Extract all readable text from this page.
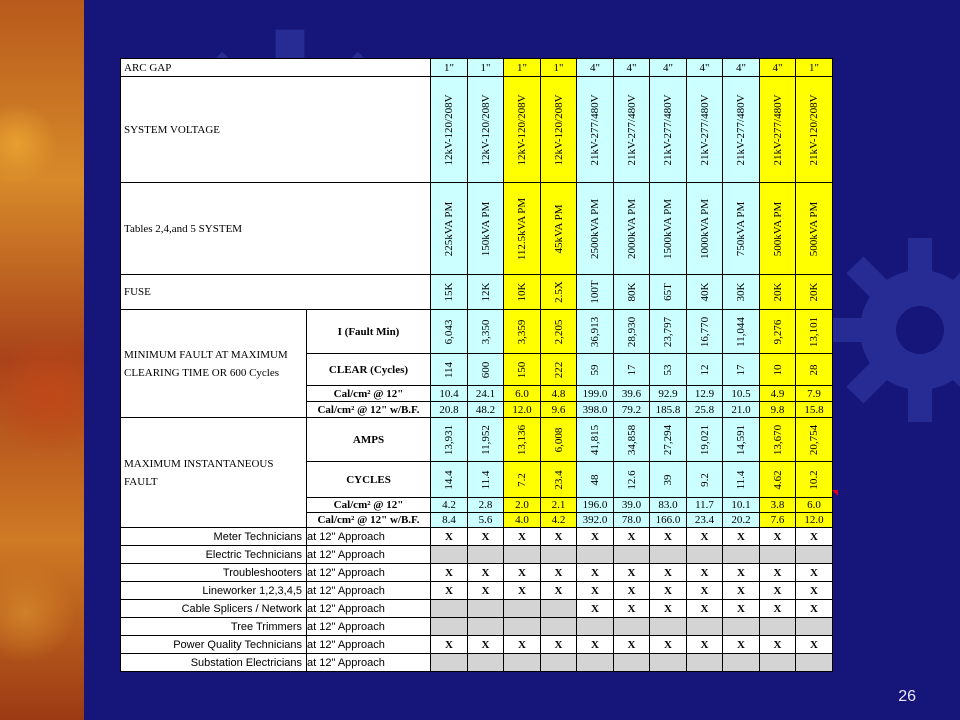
ARC GAP		1"	1"	1"	1"	4"	4"	4"	4"	4"	4"	1"
SYSTEM VOLTAGE		12kV-120/208V	12kV-120/208V	12kV-120/208V	12kV-120/208V	21kV-277/480V	21kV-277/480V	21kV-277/480V	21kV-277/480V	21kV-277/480V	21kV-277/480V	21kV-120/208V

Tables 2,4,and 5 SYSTEM		225kVA PM	150kVA PM	112.5kVA PM	45kVA PM	2500kVA PM	2000kVA PM	1500kVA PM	1000kVA PM	750kVA PM	500kVA PM	500kVA PM

FUSE		15K	12K	10K	2.5X	100T	80K	65T	40K	30K	20K	20K

MINIMUM FAULT AT MAXIMUM CLEARING TIME OR 600 Cycles	I (Fault Min)	6,043	3,350	3,359	2,205	36,913	28,930	23,797	16,770	11,044	9,276	13,101

	CLEAR (Cycles)	114	600	150	222	59	17	53	12	17	10	28

	Cal/cm² @ 12"	10.4	24.1	6.0	4.8	199.0	39.6	92.9	12.9	10.5	4.9	7.9
	Cal/cm² @ 12" w/B.F.	20.8	48.2	12.0	9.6	398.0	79.2	185.8	25.8	21.0	9.8	15.8
MAXIMUM INSTANTANEOUS FAULT	AMPS	13,931	11,952	13,136	6,008	41,815	34,858	27,294	19,021	14,591	13,670	20,754

	CYCLES	14.4	11.4	7.2	23.4	48	12.6	39	9.2	11.4	4.62	10.2

	Cal/cm² @ 12"	4.2	2.8	2.0	2.1	196.0	39.0	83.0	11.7	10.1	3.8	6.0
	Cal/cm² @ 12" w/B.F.	8.4	5.6	4.0	4.2	392.0	78.0	166.0	23.4	20.2	7.6	12.0
Meter Technicians	at 12" Approach	X	X	X	X	X	X	X	X	X	X	X
Electric Technicians	at 12" Approach											
Troubleshooters	at 12" Approach	X	X	X	X	X	X	X	X	X	X	X
Lineworker 1,2,3,4,5	at 12" Approach	X	X	X	X	X	X	X	X	X	X	X
Cable Splicers / Network	at 12" Approach					X	X	X	X	X	X	X
Tree Trimmers	at 12" Approach											
Power Quality Technicians	at 12" Approach	X	X	X	X	X	X	X	X	X	X	X
Substation Electricians	at 12" Approach											
26
